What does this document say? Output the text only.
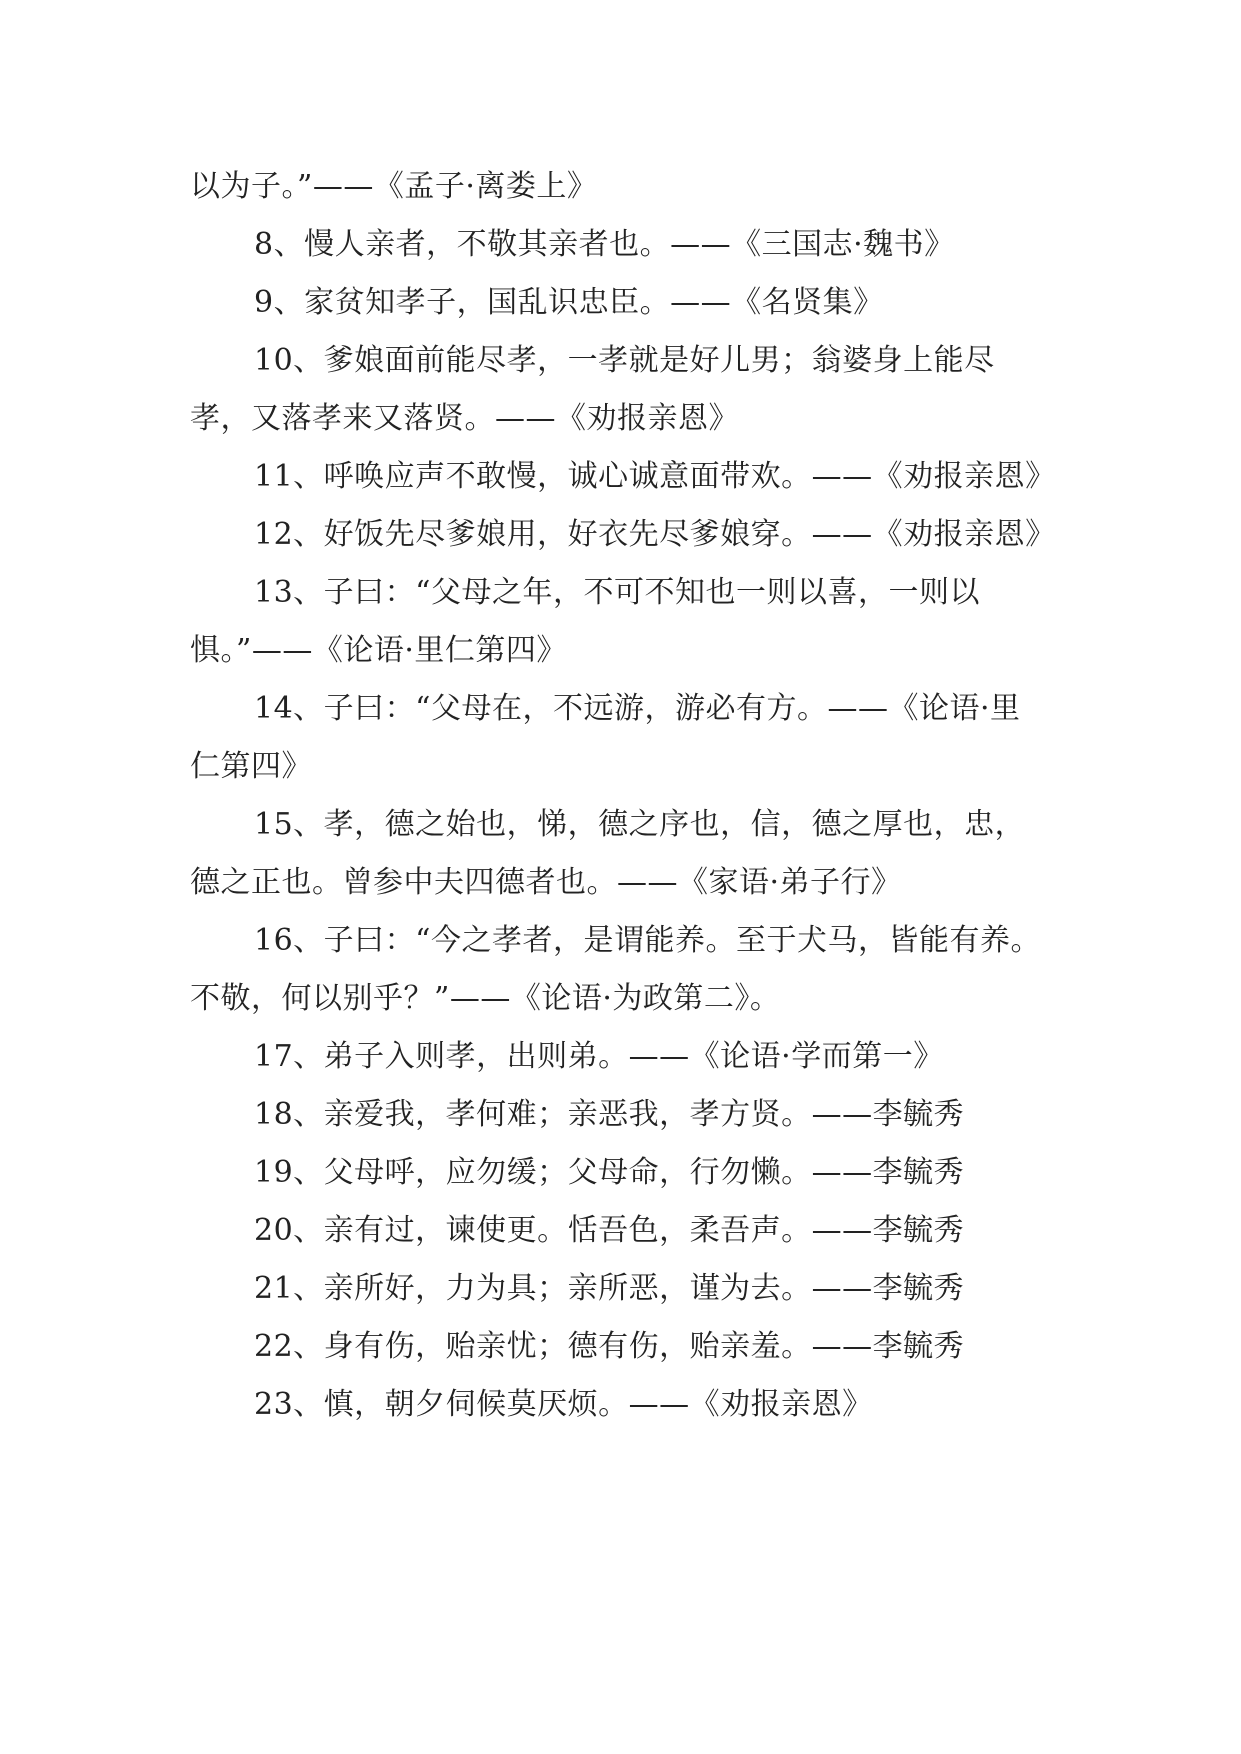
以为子。”——《孟子·离娄上》

8、慢人亲者，不敬其亲者也。——《三国志·魏书》

9、家贫知孝子，国乱识忠臣。——《名贤集》

10、爹娘面前能尽孝，一孝就是好儿男；翁婆身上能尽孝，又落孝来又落贤。——《劝报亲恩》

11、呼唤应声不敢慢，诚心诚意面带欢。——《劝报亲恩》

12、好饭先尽爹娘用，好衣先尽爹娘穿。——《劝报亲恩》

13、子曰：“父母之年，不可不知也一则以喜，一则以惧。”——《论语·里仁第四》

14、子曰：“父母在，不远游，游必有方。——《论语·里仁第四》

15、孝，德之始也，悌，德之序也，信，德之厚也，忠，德之正也。曾参中夫四德者也。——《家语·弟子行》

16、子曰：“今之孝者，是谓能养。至于犬马，皆能有养。不敬，何以别乎？”——《论语·为政第二》。

17、弟子入则孝，出则弟。——《论语·学而第一》

18、亲爱我，孝何难；亲恶我，孝方贤。——李毓秀

19、父母呼，应勿缓；父母命，行勿懒。——李毓秀

20、亲有过，谏使更。恬吾色，柔吾声。——李毓秀

21、亲所好，力为具；亲所恶，谨为去。——李毓秀

22、身有伤，贻亲忧；德有伤，贻亲羞。——李毓秀

23、慎，朝夕伺候莫厌烦。——《劝报亲恩》
